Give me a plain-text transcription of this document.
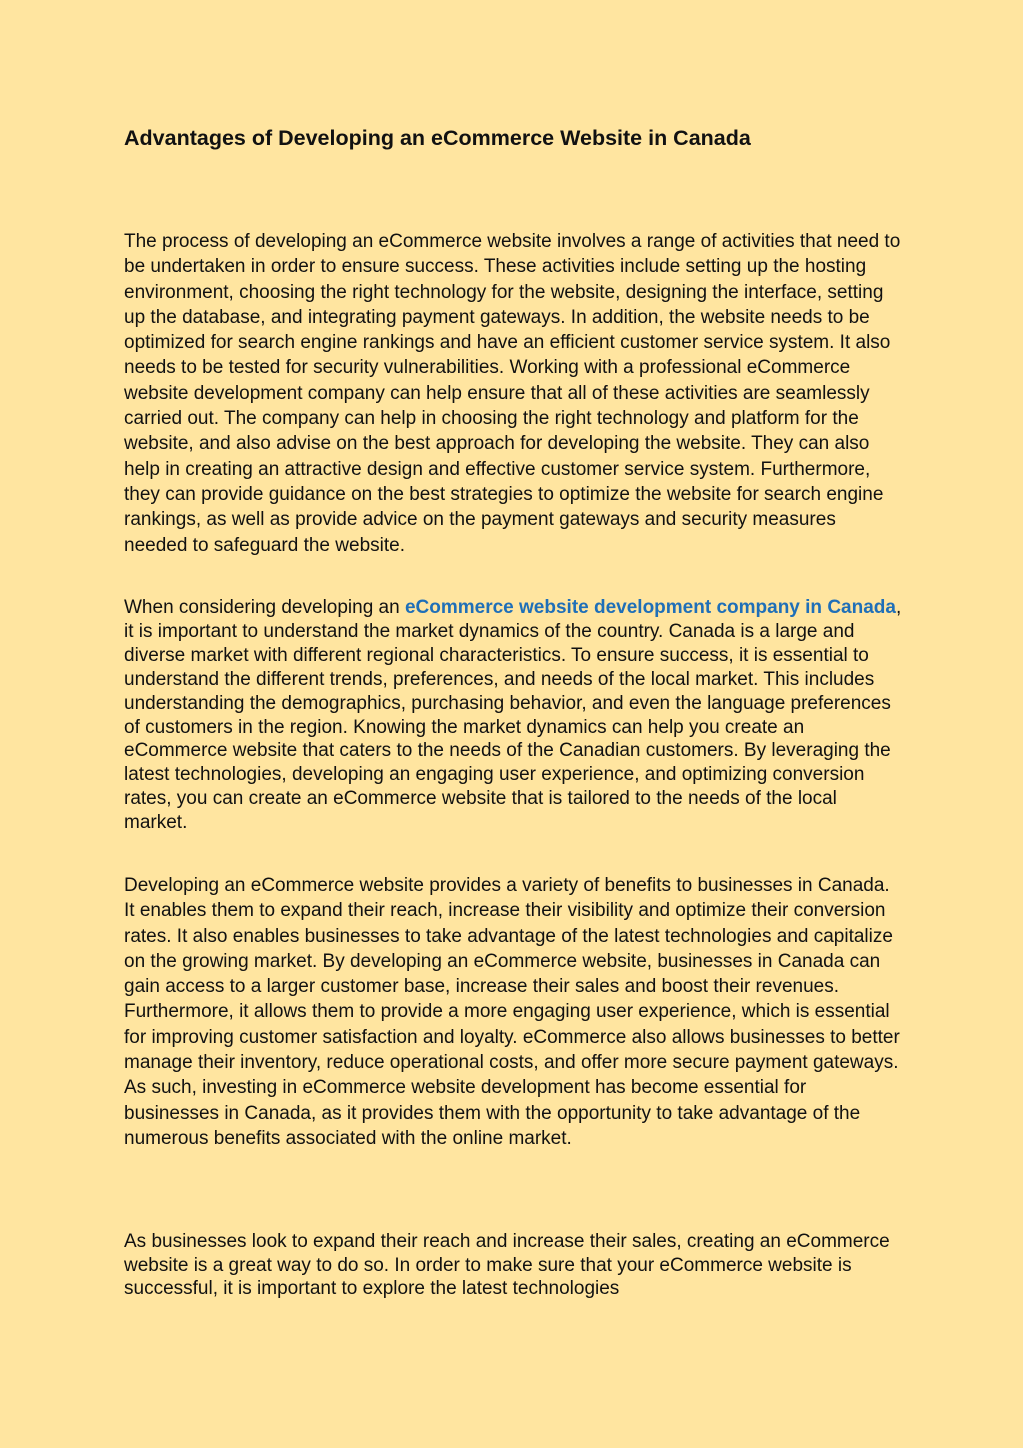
Advantages of Developing an eCommerce Website in Canada

The process of developing an eCommerce website involves a range of activities that need to be undertaken in order to ensure success. These activities include setting up the hosting environment, choosing the right technology for the website, designing the interface, setting up the database, and integrating payment gateways. In addition, the website needs to be optimized for search engine rankings and have an efficient customer service system. It also needs to be tested for security vulnerabilities. Working with a professional eCommerce website development company can help ensure that all of these activities are seamlessly carried out. The company can help in choosing the right technology and platform for the website, and also advise on the best approach for developing the website. They can also help in creating an attractive design and effective customer service system. Furthermore, they can provide guidance on the best strategies to optimize the website for search engine rankings, as well as provide advice on the payment gateways and security measures needed to safeguard the website.

When considering developing an eCommerce website development company in Canada, it is important to understand the market dynamics of the country. Canada is a large and diverse market with different regional characteristics. To ensure success, it is essential to understand the different trends, preferences, and needs of the local market. This includes understanding the demographics, purchasing behavior, and even the language preferences of customers in the region. Knowing the market dynamics can help you create an eCommerce website that caters to the needs of the Canadian customers. By leveraging the latest technologies, developing an engaging user experience, and optimizing conversion rates, you can create an eCommerce website that is tailored to the needs of the local market.

Developing an eCommerce website provides a variety of benefits to businesses in Canada. It enables them to expand their reach, increase their visibility and optimize their conversion rates. It also enables businesses to take advantage of the latest technologies and capitalize on the growing market. By developing an eCommerce website, businesses in Canada can gain access to a larger customer base, increase their sales and boost their revenues. Furthermore, it allows them to provide a more engaging user experience, which is essential for improving customer satisfaction and loyalty. eCommerce also allows businesses to better manage their inventory, reduce operational costs, and offer more secure payment gateways. As such, investing in eCommerce website development has become essential for businesses in Canada, as it provides them with the opportunity to take advantage of the numerous benefits associated with the online market.

As businesses look to expand their reach and increase their sales, creating an eCommerce website is a great way to do so. In order to make sure that your eCommerce website is successful, it is important to explore the latest technologies
